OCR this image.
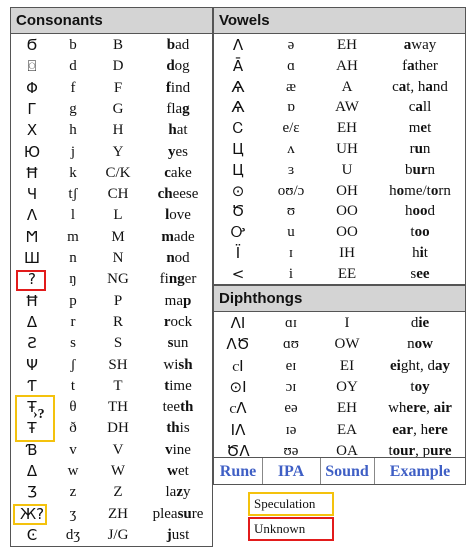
Consonants
Ϭ	b	B	bad
⌼	d	D	dog
Φ	f	F	find
Г	g	G	flag
Х	h	H	hat
Ю	j	Y	yes
Ħ	k	C/K	cake
Ч	tʃ	CH	cheese
Ʌ	l	L	love
Ϻ	m	M	made
Ш	n	N	nod
?	ŋ	NG	finger
Ħ	p	P	map
Δ	r	R	rock
Ƨ	s	S	sun
Ψ	ʃ	SH	wish
Ƭ	t	T	time
Ŧ	θ	TH	teeth
Ŧ	ð	DH	this
Ɓ	v	V	vine
Δ	w	W	wet
Ʒ	z	Z	lazy
Ж?	ʒ	ZH	pleasure
Ͼ	dʒ	J/G	just
›?
Vowels
Λ	ə	EH	away
Ᾱ	ɑ	AH	father
Ѧ	æ	A	cat, hand
Ѧ	ɒ	AW	call
Ꮯ	e/ɛ	EH	met
Ц	ʌ	UH	run
Ц	ɜ	U	burn
⊙	oʊ/ɔ	OH	home/torn
Ծ	ʊ	OO	hood
Ꭴ	u	OO	too
Ï	ɪ	IH	hit
<	i	EE	see
Diphthongs
ΛI	ɑɪ	I	die
ΛԾ	ɑʊ	OW	now
ꮯI	eɪ	EI	eight, day
⊙I	ɔɪ	OY	toy
ꮯΛ	eə	EH	where, air
IΛ	ɪə	EA	ear, here
ԾΛ	ʊə	OA	tour, pure
Rune	IPA	Sound	Example
Speculation
Unknown
